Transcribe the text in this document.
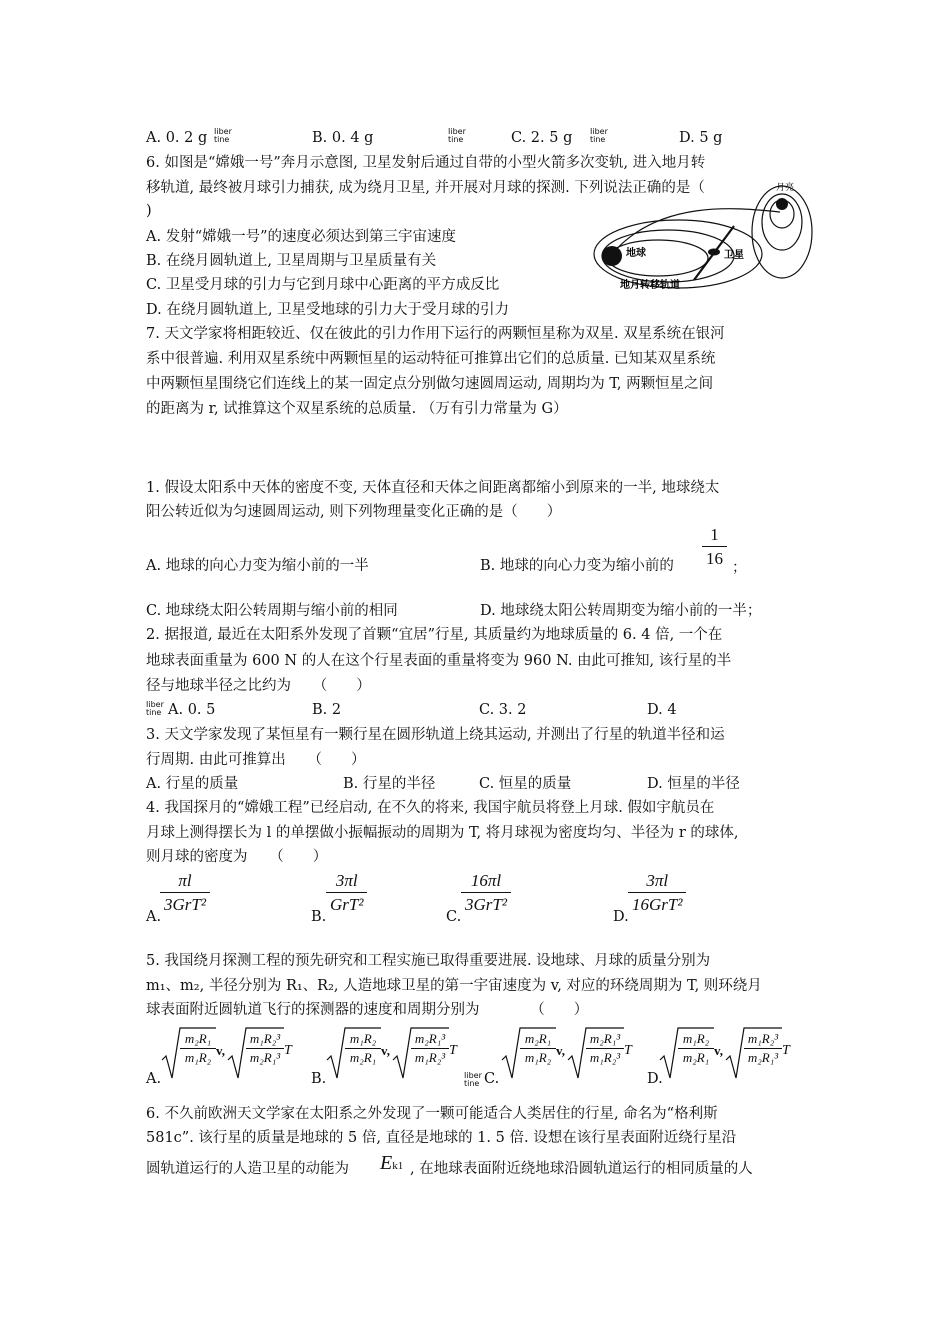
A. 0. 2 g Iiber
tine	B. 0. 4 g	Iiber
tine	C. 2. 5 g Iiber
tine	D. 5 g
6. 如图是“嫦娥一号”奔月示意图, 卫星发射后通过自带的小型火箭多次变轨, 进入地月转
移轨道, 最终被月球引力捕获, 成为绕月卫星, 并开展对月球的探测. 下列说法正确的是（
)
A. 发射“嫦娥一号”的速度必须达到第三宇宙速度
B. 在绕月圆轨道上, 卫星周期与卫星质量有关
C. 卫星受月球的引力与它到月球中心距离的平方成反比
D. 在绕月圆轨道上, 卫星受地球的引力大于受月球的引力
地球	卫星
月亮
地月转移轨道
7. 天文学家将相距较近、仅在彼此的引力作用下运行的两颗恒星称为双星. 双星系统在银河
系中很普遍. 利用双星系统中两颗恒星的运动特征可推算出它们的总质量. 已知某双星系统
中两颗恒星围绕它们连线上的某一固定点分别做匀速圆周运动, 周期均为 T, 两颗恒星之间
的距离为 r, 试推算这个双星系统的总质量. （万有引力常量为 G）
1. 假设太阳系中天体的密度不变, 天体直径和天体之间距离都缩小到原来的一半, 地球绕太
阳公转近似为匀速圆周运动, 则下列物理量变化正确的是（　　）
A. 地球的向心力变为缩小前的一半	B. 地球的向心力变为缩小前的 $\frac{1}{16}$ ；
C. 地球绕太阳公转周期与缩小前的相同	D. 地球绕太阳公转周期变为缩小前的一半；
2. 据报道, 最近在太阳系外发现了首颗“宜居”行星, 其质量约为地球质量的 6. 4 倍, 一个在
地球表面重量为 600 N 的人在这个行星表面的重量将变为 960 N. 由此可推知, 该行星的半
径与地球半径之比约为　　（　　）
Iiber
tine A. 0. 5	B. 2	C. 3. 2	D. 4
3. 天文学家发现了某恒星有一颗行星在圆形轨道上绕其运动, 并测出了行星的轨道半径和运
行周期. 由此可推算出　　（　　）
A. 行星的质量	B. 行星的半径	C. 恒星的质量	D. 恒星的半径
4. 我国探月的“嫦娥工程”已经启动, 在不久的将来, 我国宇航员将登上月球. 假如宇航员在
月球上测得摆长为 l 的单摆做小振幅振动的周期为 T, 将月球视为密度均匀、半径为 r 的球体,
则月球的密度为　　（　　）
A.
πl
3GrT²
B.
3πl
GrT²
C.
16πl
3GrT²
D.
3πl
16GrT²
5. 我国绕月探测工程的预先研究和工程实施已取得重要进展. 设地球、月球的质量分别为
m₁、m₂, 半径分别为 R₁、R₂, 人造地球卫星的第一宇宙速度为 v, 对应的环绕周期为 T, 则环绕月
球表面附近圆轨道飞行的探测器的速度和周期分别为　　　　（　　）
A.
m₂R₁
m₁R₂ v,
m₁R₂³
m₂R₁³ T
B.
m₁R₂
m₂R₁ v,
m₂R₁³
m₁R₂³ T
Iiber
tine C.
m₂R₁
m₁R₂ v,
m₂R₁³
m₁R₂³ T
D.
m₁R₂
m₂R₁ v,
m₁R₂³
m₂R₁³ T
6. 不久前欧洲天文学家在太阳系之外发现了一颗可能适合人类居住的行星, 命名为“格利斯
581c”. 该行星的质量是地球的 5 倍, 直径是地球的 1. 5 倍. 设想在该行星表面附近绕行星沿
圆轨道运行的人造卫星的动能为 Ek1 , 在地球表面附近绕地球沿圆轨道运行的相同质量的人
